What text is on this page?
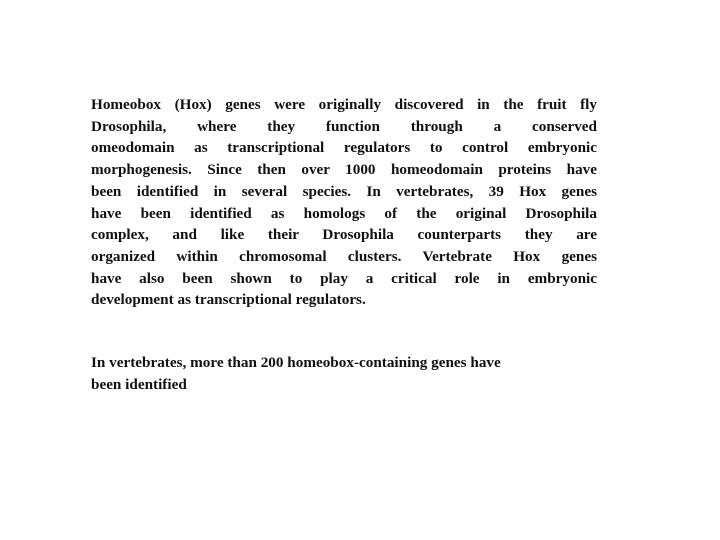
Homeobox (Hox) genes were originally discovered in the fruit fly
Drosophila, where they function through a conserved
omeodomain as transcriptional regulators to control embryonic
morphogenesis. Since then over 1000 homeodomain proteins have
been identified in several species. In vertebrates, 39 Hox genes
have been identified as homologs of the original Drosophila
complex, and like their Drosophila counterparts they are
organized within chromosomal clusters. Vertebrate Hox genes
have also been shown to play a critical role in embryonic
development as transcriptional regulators.
In vertebrates, more than 200 homeobox-containing genes have
been identified
